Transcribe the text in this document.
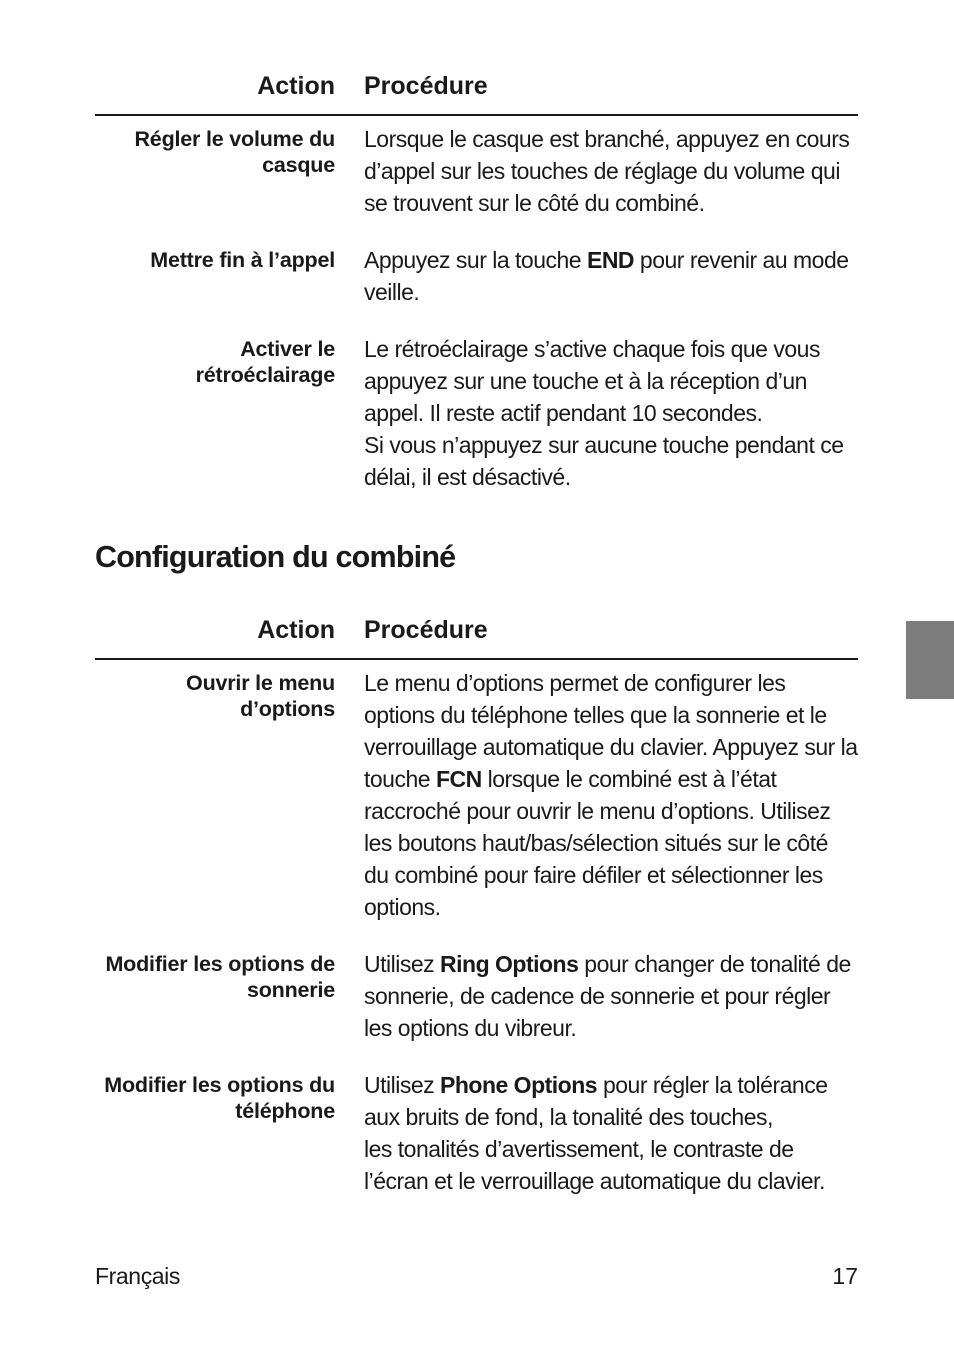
Action Procédure
Régler le volume du casque
Lorsque le casque est branché, appuyez en cours d’appel sur les touches de réglage du volume qui se trouvent sur le côté du combiné.
Mettre fin à l’appel Appuyez sur la touche END pour revenir au mode veille.
Activer le rétroéclairage
Le rétroéclairage s’active chaque fois que vous appuyez sur une touche et à la réception d’un appel. Il reste actif pendant 10 secondes.
Si vous n’appuyez sur aucune touche pendant ce délai, il est désactivé.
Configuration du combiné
Action Procédure
Ouvrir le menu d’options
Le menu d’options permet de configurer les options du téléphone telles que la sonnerie et le verrouillage automatique du clavier. Appuyez sur la touche FCN lorsque le combiné est à l’état raccroché pour ouvrir le menu d’options. Utilisez les boutons haut/bas/sélection situés sur le côté du combiné pour faire défiler et sélectionner les options.
Modifier les options de sonnerie
Utilisez Ring Options pour changer de tonalité de sonnerie, de cadence de sonnerie et pour régler les options du vibreur.
Modifier les options du téléphone
Utilisez Phone Options pour régler la tolérance aux bruits de fond, la tonalité des touches,
les tonalités d’avertissement, le contraste de l’écran et le verrouillage automatique du clavier.
Français	17
